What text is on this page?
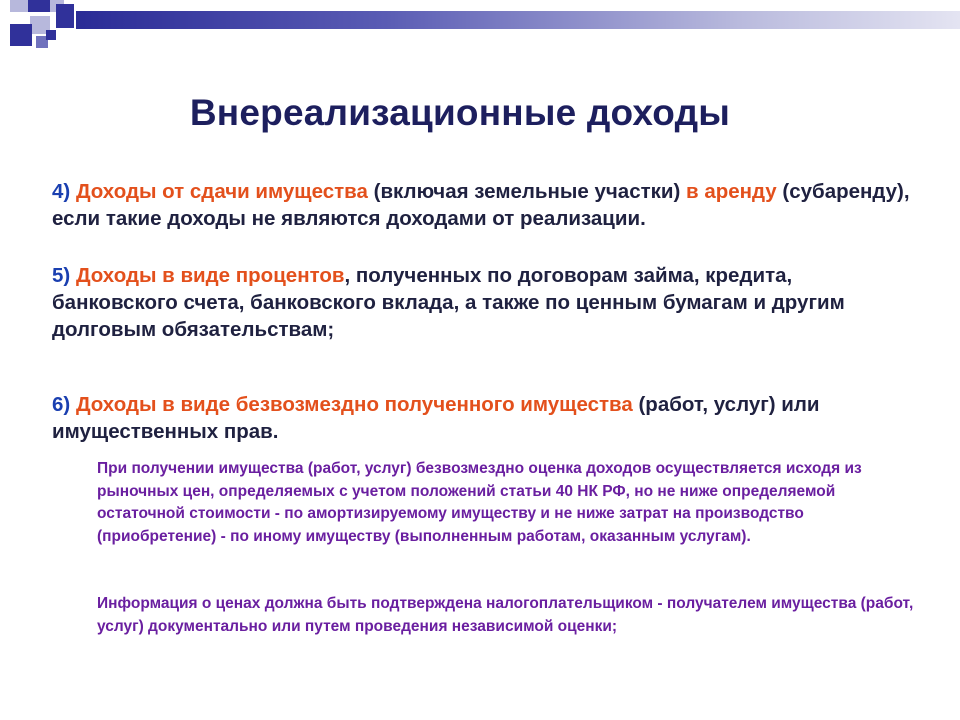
Внереализационные доходы
4) Доходы от сдачи имущества (включая земельные участки) в аренду (субаренду), если такие доходы не являются доходами от реализации.
5) Доходы в виде процентов, полученных по договорам займа, кредита, банковского счета, банковского вклада, а также по ценным бумагам и другим долговым обязательствам;
6) Доходы в виде безвозмездно полученного имущества (работ, услуг) или имущественных прав.
При получении имущества (работ, услуг) безвозмездно оценка доходов осуществляется исходя из рыночных цен, определяемых с учетом положений статьи 40 НК РФ, но не ниже определяемой остаточной стоимости - по амортизируемому имуществу и не ниже затрат на производство (приобретение) - по иному имуществу (выполненным работам, оказанным услугам).
Информация о ценах должна быть подтверждена налогоплательщиком - получателем имущества (работ, услуг) документально или путем проведения независимой оценки;
